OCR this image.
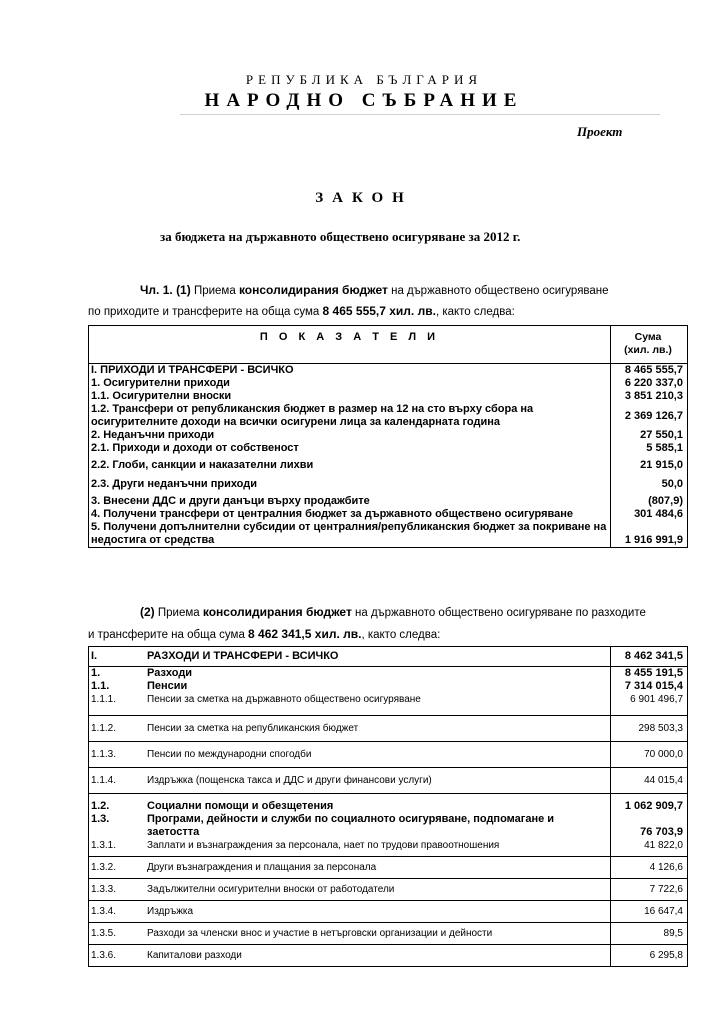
РЕПУБЛИКА БЪЛГАРИЯ
НАРОДНО СЪБРАНИЕ
Проект
ЗАКОН
за бюджета на държавното обществено осигуряване за 2012 г.
Чл. 1. (1) Приема консолидирания бюджет на държавното обществено осигуряване
по приходите и трансферите на обща сума 8 465 555,7 хил. лв., както следва:
П О К А З А Т Е Л И	Сума
(хил. лв.)

I. ПРИХОДИ И ТРАНСФЕРИ - ВСИЧКО	8 465 555,7
1. Осигурителни приходи	6 220 337,0
1.1. Осигурителни вноски	3 851 210,3
1.2. Трансфери от републиканския бюджет в размер на 12 на сто върху сбора на осигурителните доходи на всички осигурени лица за календарната година	2 369 126,7
2. Неданъчни приходи	27 550,1
2.1. Приходи и доходи от собственост	5 585,1
2.2. Глоби, санкции и наказателни лихви	21 915,0
2.3. Други неданъчни приходи	50,0
3. Внесени ДДС и други данъци върху продажбите	(807,9)
4. Получени трансфери от централния бюджет за държавното обществено осигуряване	301 484,6
5. Получени допълнителни субсидии от централния/републиканския бюджет за покриване на недостига от средства	1 916 991,9
(2) Приема консолидирания бюджет на държавното обществено осигуряване по разходите
и трансферите на обща сума 8 462 341,5 хил. лв., както следва:
I.	РАЗХОДИ И ТРАНСФЕРИ - ВСИЧКО	8 462 341,5
1.	Разходи	8 455 191,5
1.1.	Пенсии	7 314 015,4
1.1.1.	Пенсии за сметка на държавното обществено осигуряване	6 901 496,7
1.1.2.	Пенсии за сметка на републиканския бюджет	298 503,3
1.1.3.	Пенсии по международни спогодби	70 000,0
1.1.4.	Издръжка (пощенска такса и ДДС и други финансови услуги)	44 015,4
1.2.	Социални помощи и обезщетения	1 062 909,7
1.3.	Програми, дейности и служби по социалното осигуряване, подпомагане и заетостта	76 703,9
1.3.1.	Заплати и възнаграждения за персонала, нает по трудови правоотношения	41 822,0
1.3.2.	Други възнаграждения и плащания за персонала	4 126,6
1.3.3.	Задължителни осигурителни вноски от работодатели	7 722,6
1.3.4.	Издръжка	16 647,4
1.3.5.	Разходи за членски внос и участие в нетърговски организации и дейности	89,5
1.3.6.	Капиталови разходи	6 295,8
